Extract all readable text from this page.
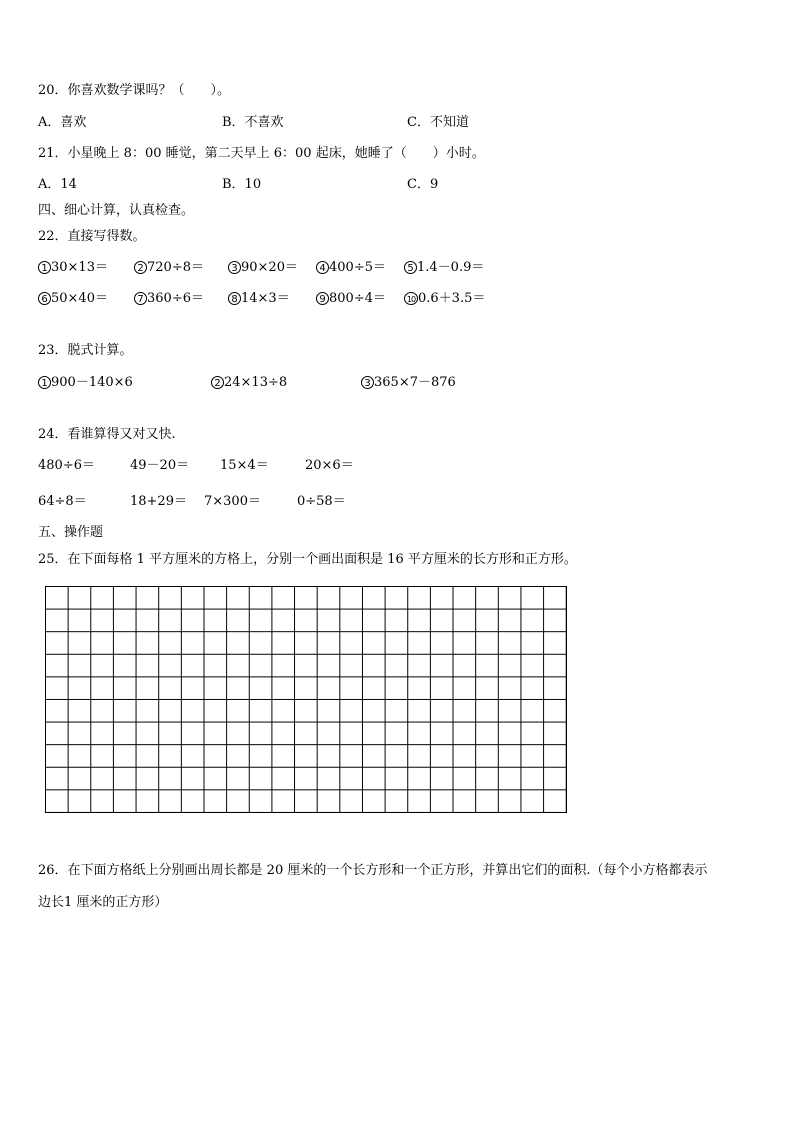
20．你喜欢数学课吗？（　　）。
A．喜欢	B．不喜欢	C．不知道
21．小星晚上 8：00 睡觉，第二天早上 6：00 起床，她睡了（　　）小时。
A．14	B．10	C．9
四、细心计算，认真检查。
22．直接写得数。
1 30×13＝	2 720÷8＝	3 90×20＝	4 400÷5＝	5 1.4－0.9＝
6 50×40＝	7 360÷6＝	8 14×3＝	9 800÷4＝	10 0.6＋3.5＝
23．脱式计算。
1 900－140×6	2 24×13÷8	3 365×7－876
24．看谁算得又对又快.
480÷6＝	49－20＝ 15×4＝	20×6＝
64÷8＝	18+29＝ 7×300＝	0÷58＝
五、操作题
25．在下面每格 1 平方厘米的方格上，分别一个画出面积是 16 平方厘米的长方形和正方形。
26．在下面方格纸上分别画出周长都是 20 厘米的一个长方形和一个正方形，并算出它们的面积.（每个小方格都表示
边长1 厘米的正方形）
